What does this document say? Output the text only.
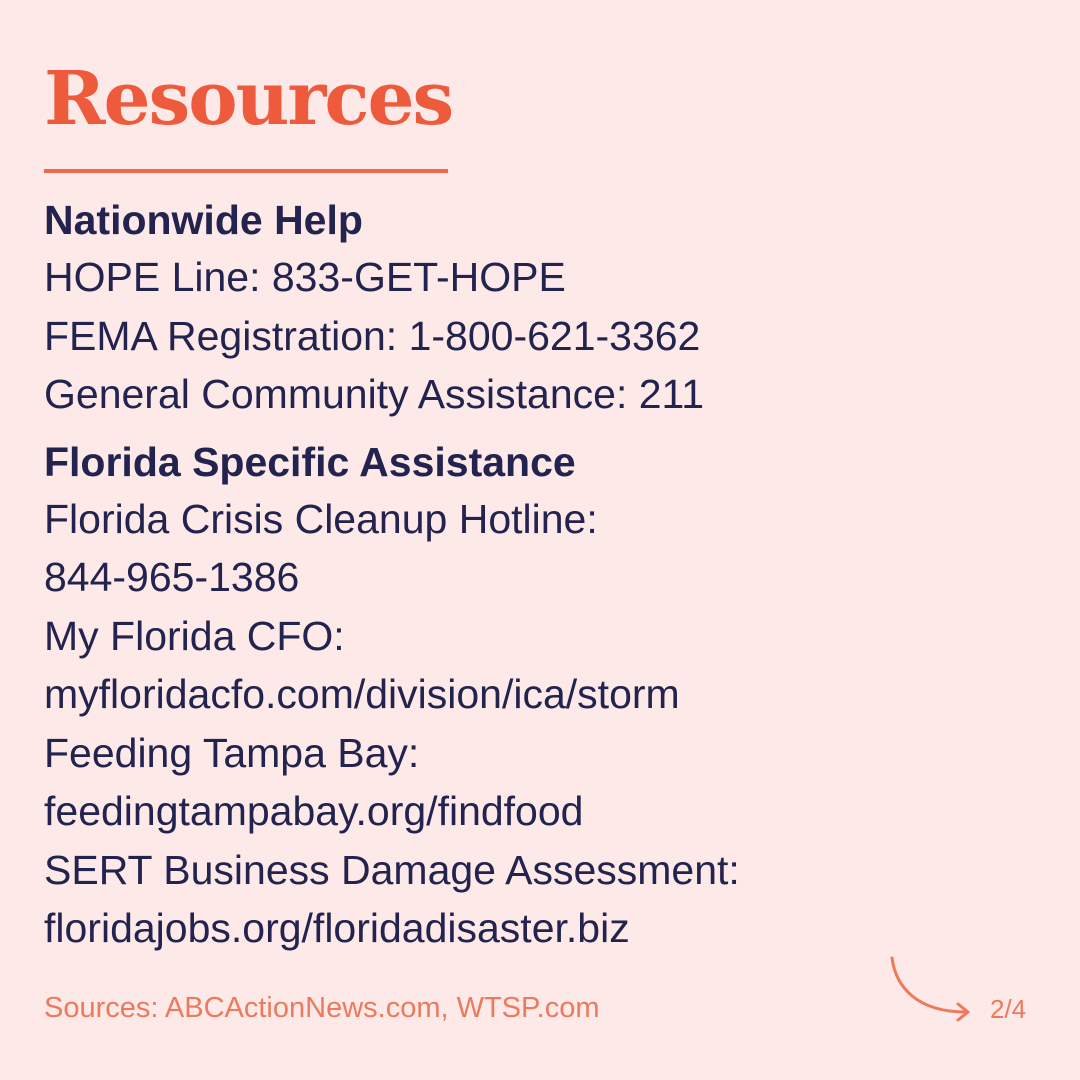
Resources
Nationwide Help

HOPE Line: 833-GET-HOPE

FEMA Registration: 1-800-621-3362

General Community Assistance: 211

Florida Specific Assistance

Florida Crisis Cleanup Hotline:

844-965-1386

My Florida CFO:

myfloridacfo.com/division/ica/storm

Feeding Tampa Bay:

feedingtampabay.org/findfood

SERT Business Damage Assessment:

floridajobs.org/floridadisaster.biz

Sources: ABCActionNews.com, WTSP.com	2/4
